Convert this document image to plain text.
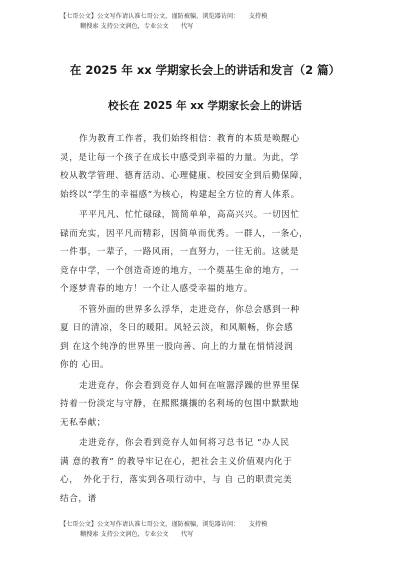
【七哥公文】公文写作请认准七哥公文，谨防被骗，浏览器访问：　　支持模
糊搜索 支持公文润色，专业公文　　代写
在 2025 年 xx 学期家长会上的讲话和发言（2 篇）
校长在 2025 年 xx 学期家长会上的讲话
作为教育工作者，我们始终相信：教育的本质是唤醒心
灵，是让每一个孩子在成长中感受到幸福的力量。为此，学
校从教学管理、德育活动、心理健康、校园安全到后勤保障，
始终以“学生的幸福感”为核心，构建起全方位的育人体系。
平平凡凡、忙忙碌碌，简简单单，高高兴兴。一切因忙
碌而充实，因平凡而精彩，因简单而优秀。一群人，一条心，
一件事，一辈子，一路风雨，一直努力，一往无前。这就是
竞存中学，一个创造奇迹的地方，一个奠基生命的地方，一
个逐梦青春的地方！一个让人感受幸福的地方。
不管外面的世界多么浮华，走进竞存，你总会感到一种
夏 日的清凉，冬日的暖阳。风轻云淡，和风顺畅，你会感
到 在这个纯净的世界里一股向善、向上的力量在悄悄浸润
你的 心田。
走进竞存，你会看到竞存人如何在喧嚣浮躁的世界里保
持着一份淡定与守静，在熙熙攘攘的名利场的包围中默默地
无私奉献；
走进竞存，你会看到竞存人如何将习总书记 “办人民
满 意的教育” 的教导牢记在心，把社会主义价值观内化于
心，　外化于行，落实到各项行动中，与 自 己的职责完美
结合，谱
【七哥公文】公文写作请认准七哥公文，谨防被骗，浏览器访问：　　支持模
糊搜索 支持公文润色，专业公文　　代写
